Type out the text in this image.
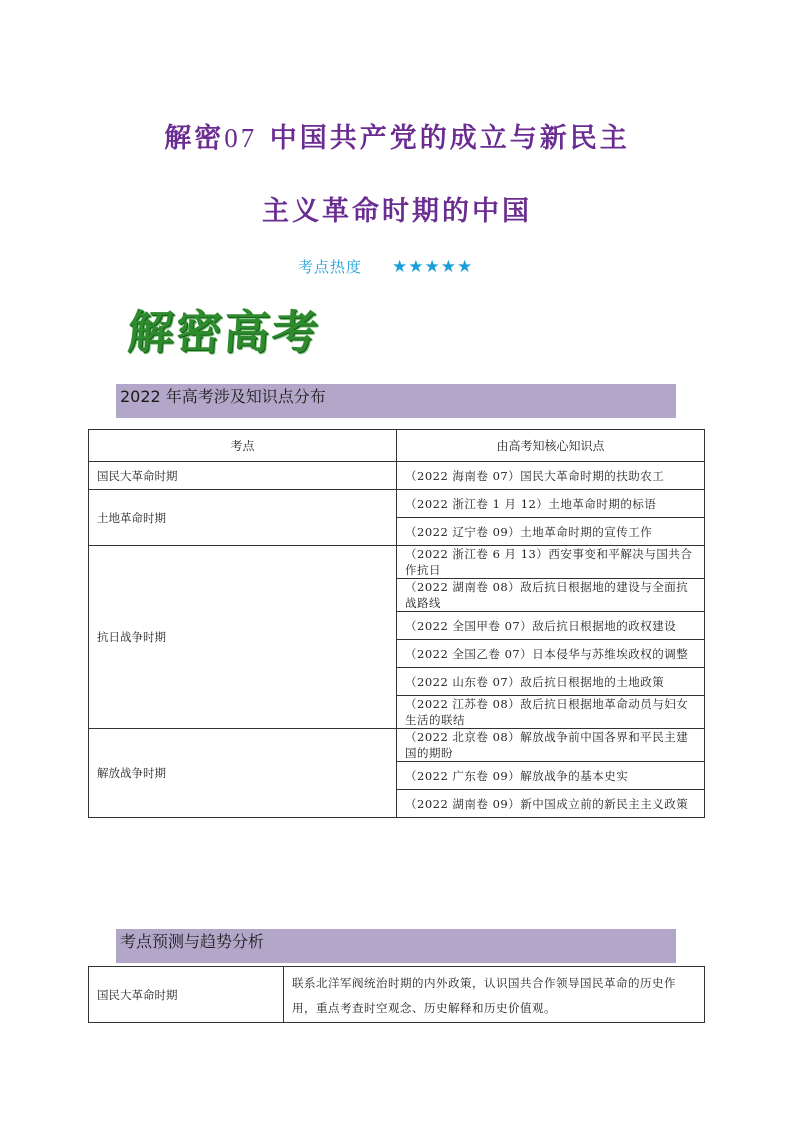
解密07 中国共产党的成立与新民主
主义革命时期的中国
考点热度 ★★★★★
解密高考
2022 年高考涉及知识点分布
考点	由高考知核心知识点
国民大革命时期	（2022 海南卷 07）国民大革命时期的扶助农工
土地革命时期	（2022 浙江卷 1 月 12）土地革命时期的标语
	（2022 辽宁卷 09）土地革命时期的宣传工作
抗日战争时期	（2022 浙江卷 6 月 13）西安事变和平解决与国共合作抗日
	（2022 湖南卷 08）敌后抗日根据地的建设与全面抗战路线
	（2022 全国甲卷 07）敌后抗日根据地的政权建设
	（2022 全国乙卷 07）日本侵华与苏维埃政权的调整
	（2022 山东卷 07）敌后抗日根据地的土地政策
	（2022 江苏卷 08）敌后抗日根据地革命动员与妇女生活的联结
解放战争时期	（2022 北京卷 08）解放战争前中国各界和平民主建国的期盼
	（2022 广东卷 09）解放战争的基本史实
	（2022 湖南卷 09）新中国成立前的新民主主义政策
考点预测与趋势分析
国民大革命时期	联系北洋军阀统治时期的内外政策，认识国共合作领导国民革命的历史作用，重点考查时空观念、历史解释和历史价值观。
